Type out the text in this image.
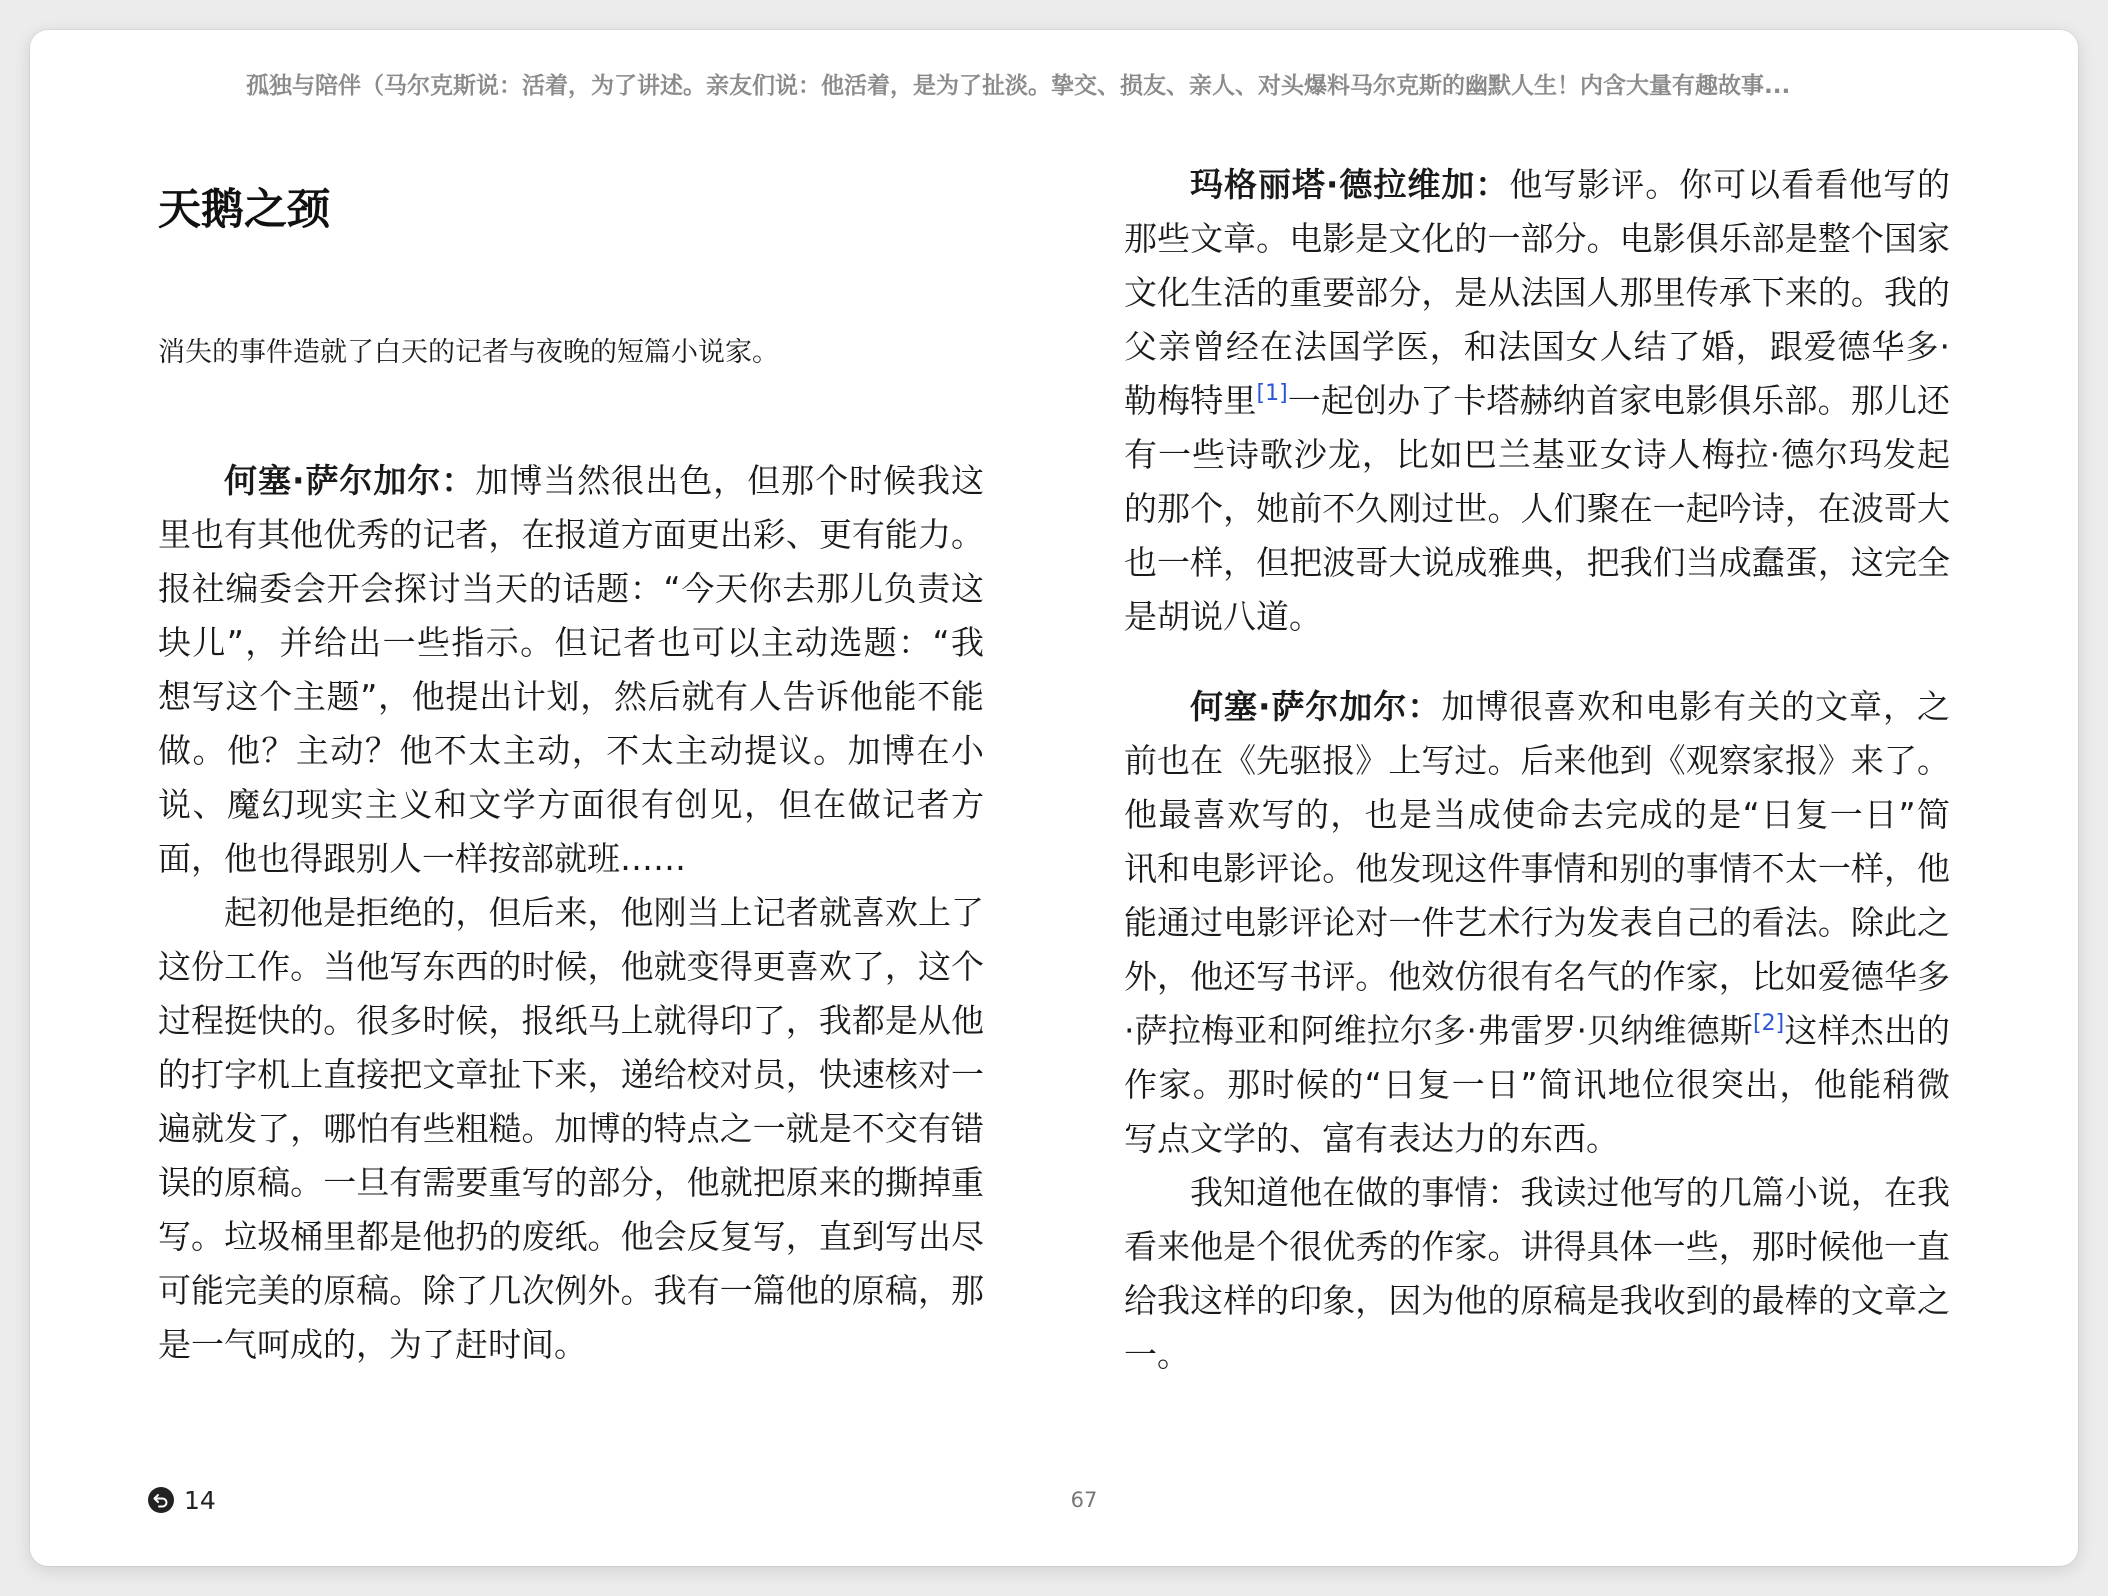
孤独与陪伴（马尔克斯说：活着，为了讲述。亲友们说：他活着，是为了扯淡。挚交、损友、亲人、对头爆料马尔克斯的幽默人生！内含大量有趣故事...
天鹅之颈
消失的事件造就了白天的记者与夜晚的短篇小说家。

何塞·萨尔加尔：加博当然很出色，但那个时候我这里也有其他优秀的记者，在报道方面更出彩、更有能力。报社编委会开会探讨当天的话题：“今天你去那儿负责这块儿”，并给出一些指示。但记者也可以主动选题：“我想写这个主题”，他提出计划，然后就有人告诉他能不能做。他？主动？他不太主动，不太主动提议。加博在小说、魔幻现实主义和文学方面很有创见，但在做记者方面，他也得跟别人一样按部就班……

起初他是拒绝的，但后来，他刚当上记者就喜欢上了这份工作。当他写东西的时候，他就变得更喜欢了，这个过程挺快的。很多时候，报纸马上就得印了，我都是从他的打字机上直接把文章扯下来，递给校对员，快速核对一遍就发了，哪怕有些粗糙。加博的特点之一就是不交有错误的原稿。一旦有需要重写的部分，他就把原来的撕掉重写。垃圾桶里都是他扔的废纸。他会反复写，直到写出尽可能完美的原稿。除了几次例外。我有一篇他的原稿，那是一气呵成的，为了赶时间。

玛格丽塔·德拉维加：他写影评。你可以看看他写的那些文章。电影是文化的一部分。电影俱乐部是整个国家文化生活的重要部分，是从法国人那里传承下来的。我的父亲曾经在法国学医，和法国女人结了婚，跟爱德华多·勒梅特里[1]一起创办了卡塔赫纳首家电影俱乐部。那儿还有一些诗歌沙龙，比如巴兰基亚女诗人梅拉·德尔玛发起的那个，她前不久刚过世。人们聚在一起吟诗，在波哥大也一样，但把波哥大说成雅典，把我们当成蠢蛋，这完全是胡说八道。

何塞·萨尔加尔：加博很喜欢和电影有关的文章，之前也在《先驱报》上写过。后来他到《观察家报》来了。他最喜欢写的，也是当成使命去完成的是“日复一日”简讯和电影评论。他发现这件事情和别的事情不太一样，他能通过电影评论对一件艺术行为发表自己的看法。除此之外，他还写书评。他效仿很有名气的作家，比如爱德华多·萨拉梅亚和阿维拉尔多·弗雷罗·贝纳维德斯[2]这样杰出的作家。那时候的“日复一日”简讯地位很突出，他能稍微写点文学的、富有表达力的东西。

我知道他在做的事情：我读过他写的几篇小说，在我看来他是个很优秀的作家。讲得具体一些，那时候他一直给我这样的印象，因为他的原稿是我收到的最棒的文章之一。

14	67
